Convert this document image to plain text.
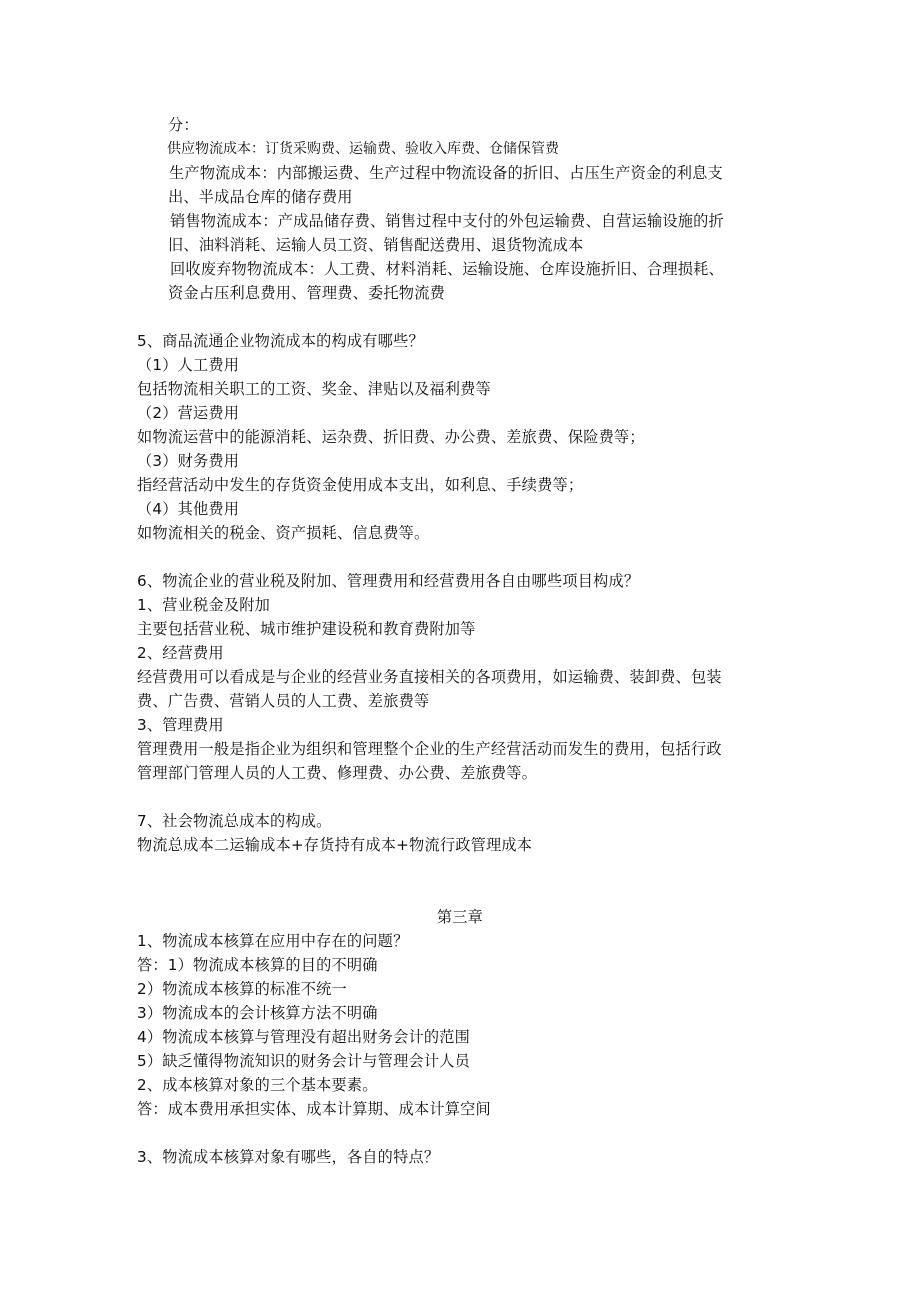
分：
供应物流成本：订货采购费、运输费、验收入库费、仓储保管费
生产物流成本：内部搬运费、生产过程中物流设备的折旧、占压生产资金的利息支
出、半成品仓库的储存费用
销售物流成本：产成品储存费、销售过程中支付的外包运输费、自营运输设施的折
旧、油料消耗、运输人员工资、销售配送费用、退货物流成本
回收废弃物物流成本：人工费、材料消耗、运输设施、仓库设施折旧、合理损耗、
资金占压利息费用、管理费、委托物流费
5、商品流通企业物流成本的构成有哪些？
（1）人工费用
包括物流相关职工的工资、奖金、津贴以及福利费等
（2）营运费用
如物流运营中的能源消耗、运杂费、折旧费、办公费、差旅费、保险费等；
（3）财务费用
指经营活动中发生的存货资金使用成本支出，如利息、手续费等；
（4）其他费用
如物流相关的税金、资产损耗、信息费等。
6、物流企业的营业税及附加、管理费用和经营费用各自由哪些项目构成？
1、营业税金及附加
主要包括营业税、城市维护建设税和教育费附加等
2、经营费用
经营费用可以看成是与企业的经营业务直接相关的各项费用，如运输费、装卸费、包装
费、广告费、营销人员的人工费、差旅费等
3、管理费用
管理费用一般是指企业为组织和管理整个企业的生产经营活动而发生的费用，包括行政
管理部门管理人员的人工费、修理费、办公费、差旅费等。
7、社会物流总成本的构成。
物流总成本二运输成本+存货持有成本+物流行政管理成本
第三章
1、物流成本核算在应用中存在的问题？
答：1）物流成本核算的目的不明确
2）物流成本核算的标准不统一
3）物流成本的会计核算方法不明确
4）物流成本核算与管理没有超出财务会计的范围
5）缺乏懂得物流知识的财务会计与管理会计人员
2、成本核算对象的三个基本要素。
答：成本费用承担实体、成本计算期、成本计算空间
3、物流成本核算对象有哪些，各自的特点？
